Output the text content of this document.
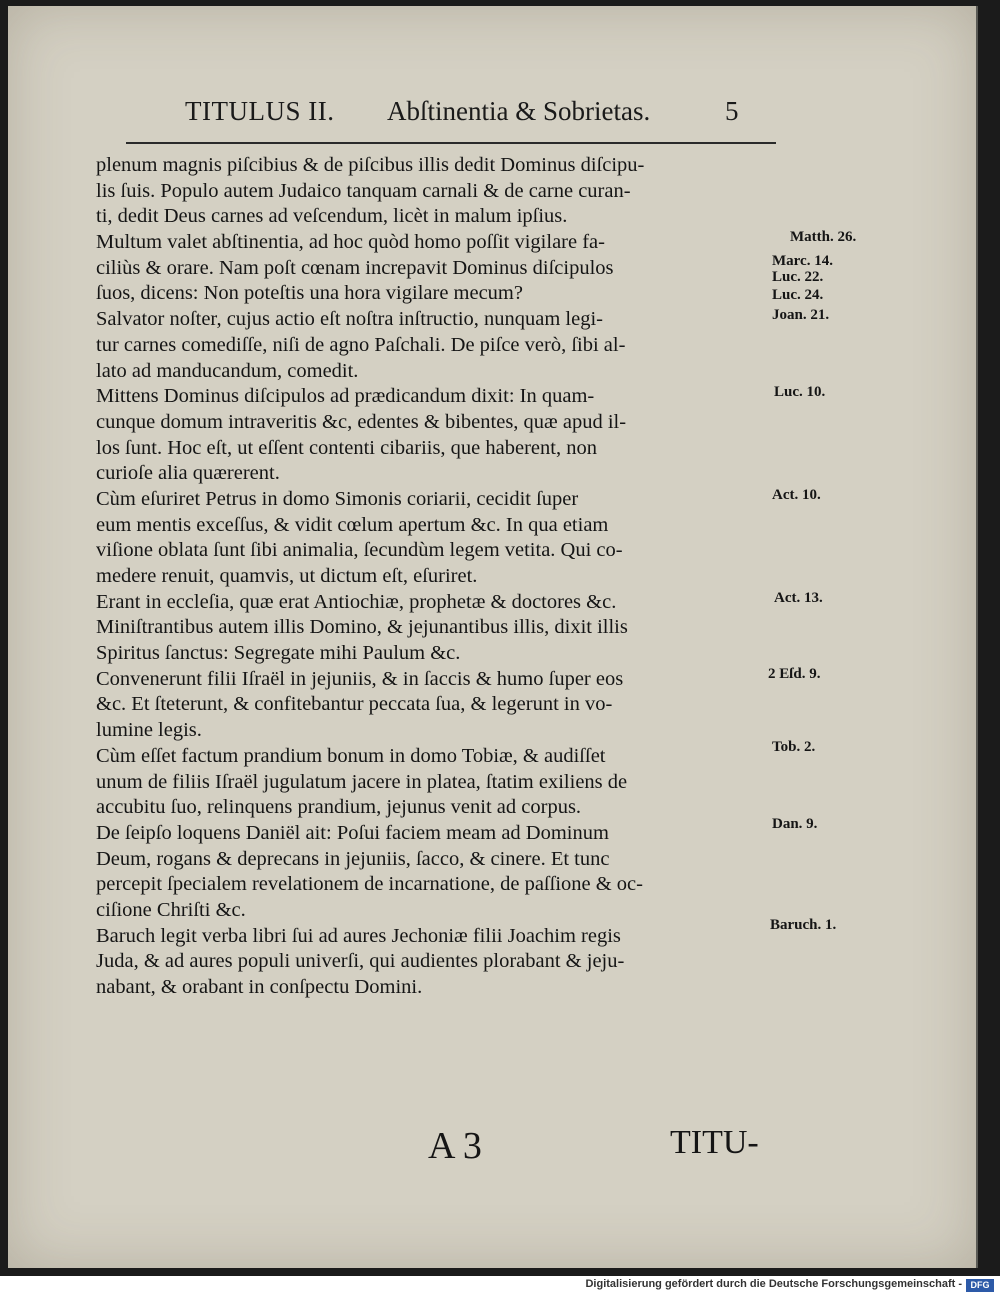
TITULUS II. Abſtinentia & Sobrietas.	5
plenum magnis piſcibius & de piſcibus illis dedit Dominus diſcipu-
lis ſuis. Populo autem Judaico tanquam carnali & de carne curan-
ti, dedit Deus carnes ad veſcendum, licèt in malum ipſius.
Multum valet abſtinentia, ad hoc quòd homo poſſit vigilare fa-
ciliùs & orare. Nam poſt cœnam increpavit Dominus diſcipulos
ſuos, dicens: Non poteſtis una hora vigilare mecum?
Salvator noſter, cujus actio eſt noſtra inſtructio, nunquam legi-
tur carnes comediſſe, niſi de agno Paſchali. De piſce verò, ſibi al-
lato ad manducandum, comedit.
Mittens Dominus diſcipulos ad prædicandum dixit: In quam-
cunque domum intraveritis &c, edentes & bibentes, quæ apud il-
los ſunt. Hoc eſt, ut eſſent contenti cibariis, que haberent, non
curioſe alia quærerent.
Cùm eſuriret Petrus in domo Simonis coriarii, cecidit ſuper
eum mentis exceſſus, & vidit cœlum apertum &c. In qua etiam
viſione oblata ſunt ſibi animalia, ſecundùm legem vetita. Qui co-
medere renuit, quamvis, ut dictum eſt, eſuriret.
Erant in eccleſia, quæ erat Antiochiæ, prophetæ & doctores &c.
Miniſtrantibus autem illis Domino, & jejunantibus illis, dixit illis
Spiritus ſanctus: Segregate mihi Paulum &c.
Convenerunt filii Iſraël in jejuniis, & in ſaccis & humo ſuper eos
&c. Et ſteterunt, & confitebantur peccata ſua, & legerunt in vo-
lumine legis.
Cùm eſſet factum prandium bonum in domo Tobiæ, & audiſſet
unum de filiis Iſraël jugulatum jacere in platea, ſtatim exiliens de
accubitu ſuo, relinquens prandium, jejunus venit ad corpus.
De ſeipſo loquens Daniël ait: Poſui faciem meam ad Dominum
Deum, rogans & deprecans in jejuniis, ſacco, & cinere. Et tunc
percepit ſpecialem revelationem de incarnatione, de paſſione & oc-
ciſione Chriſti &c.
Baruch legit verba libri ſui ad aures Jechoniæ filii Joachim regis
Juda, & ad aures populi univerſi, qui audientes plorabant & jeju-
nabant, & orabant in conſpectu Domini.
Matth. 26.
Marc. 14.
Luc. 22.
Luc. 24.
Joan. 21.
Luc. 10.
Act. 10.
Act. 13.
2 Eſd. 9.
Tob. 2.
Dan. 9.
Baruch. 1.
A 3	TITU-
Digitalisierung gefördert durch die Deutsche Forschungsgemeinschaft - DFG
